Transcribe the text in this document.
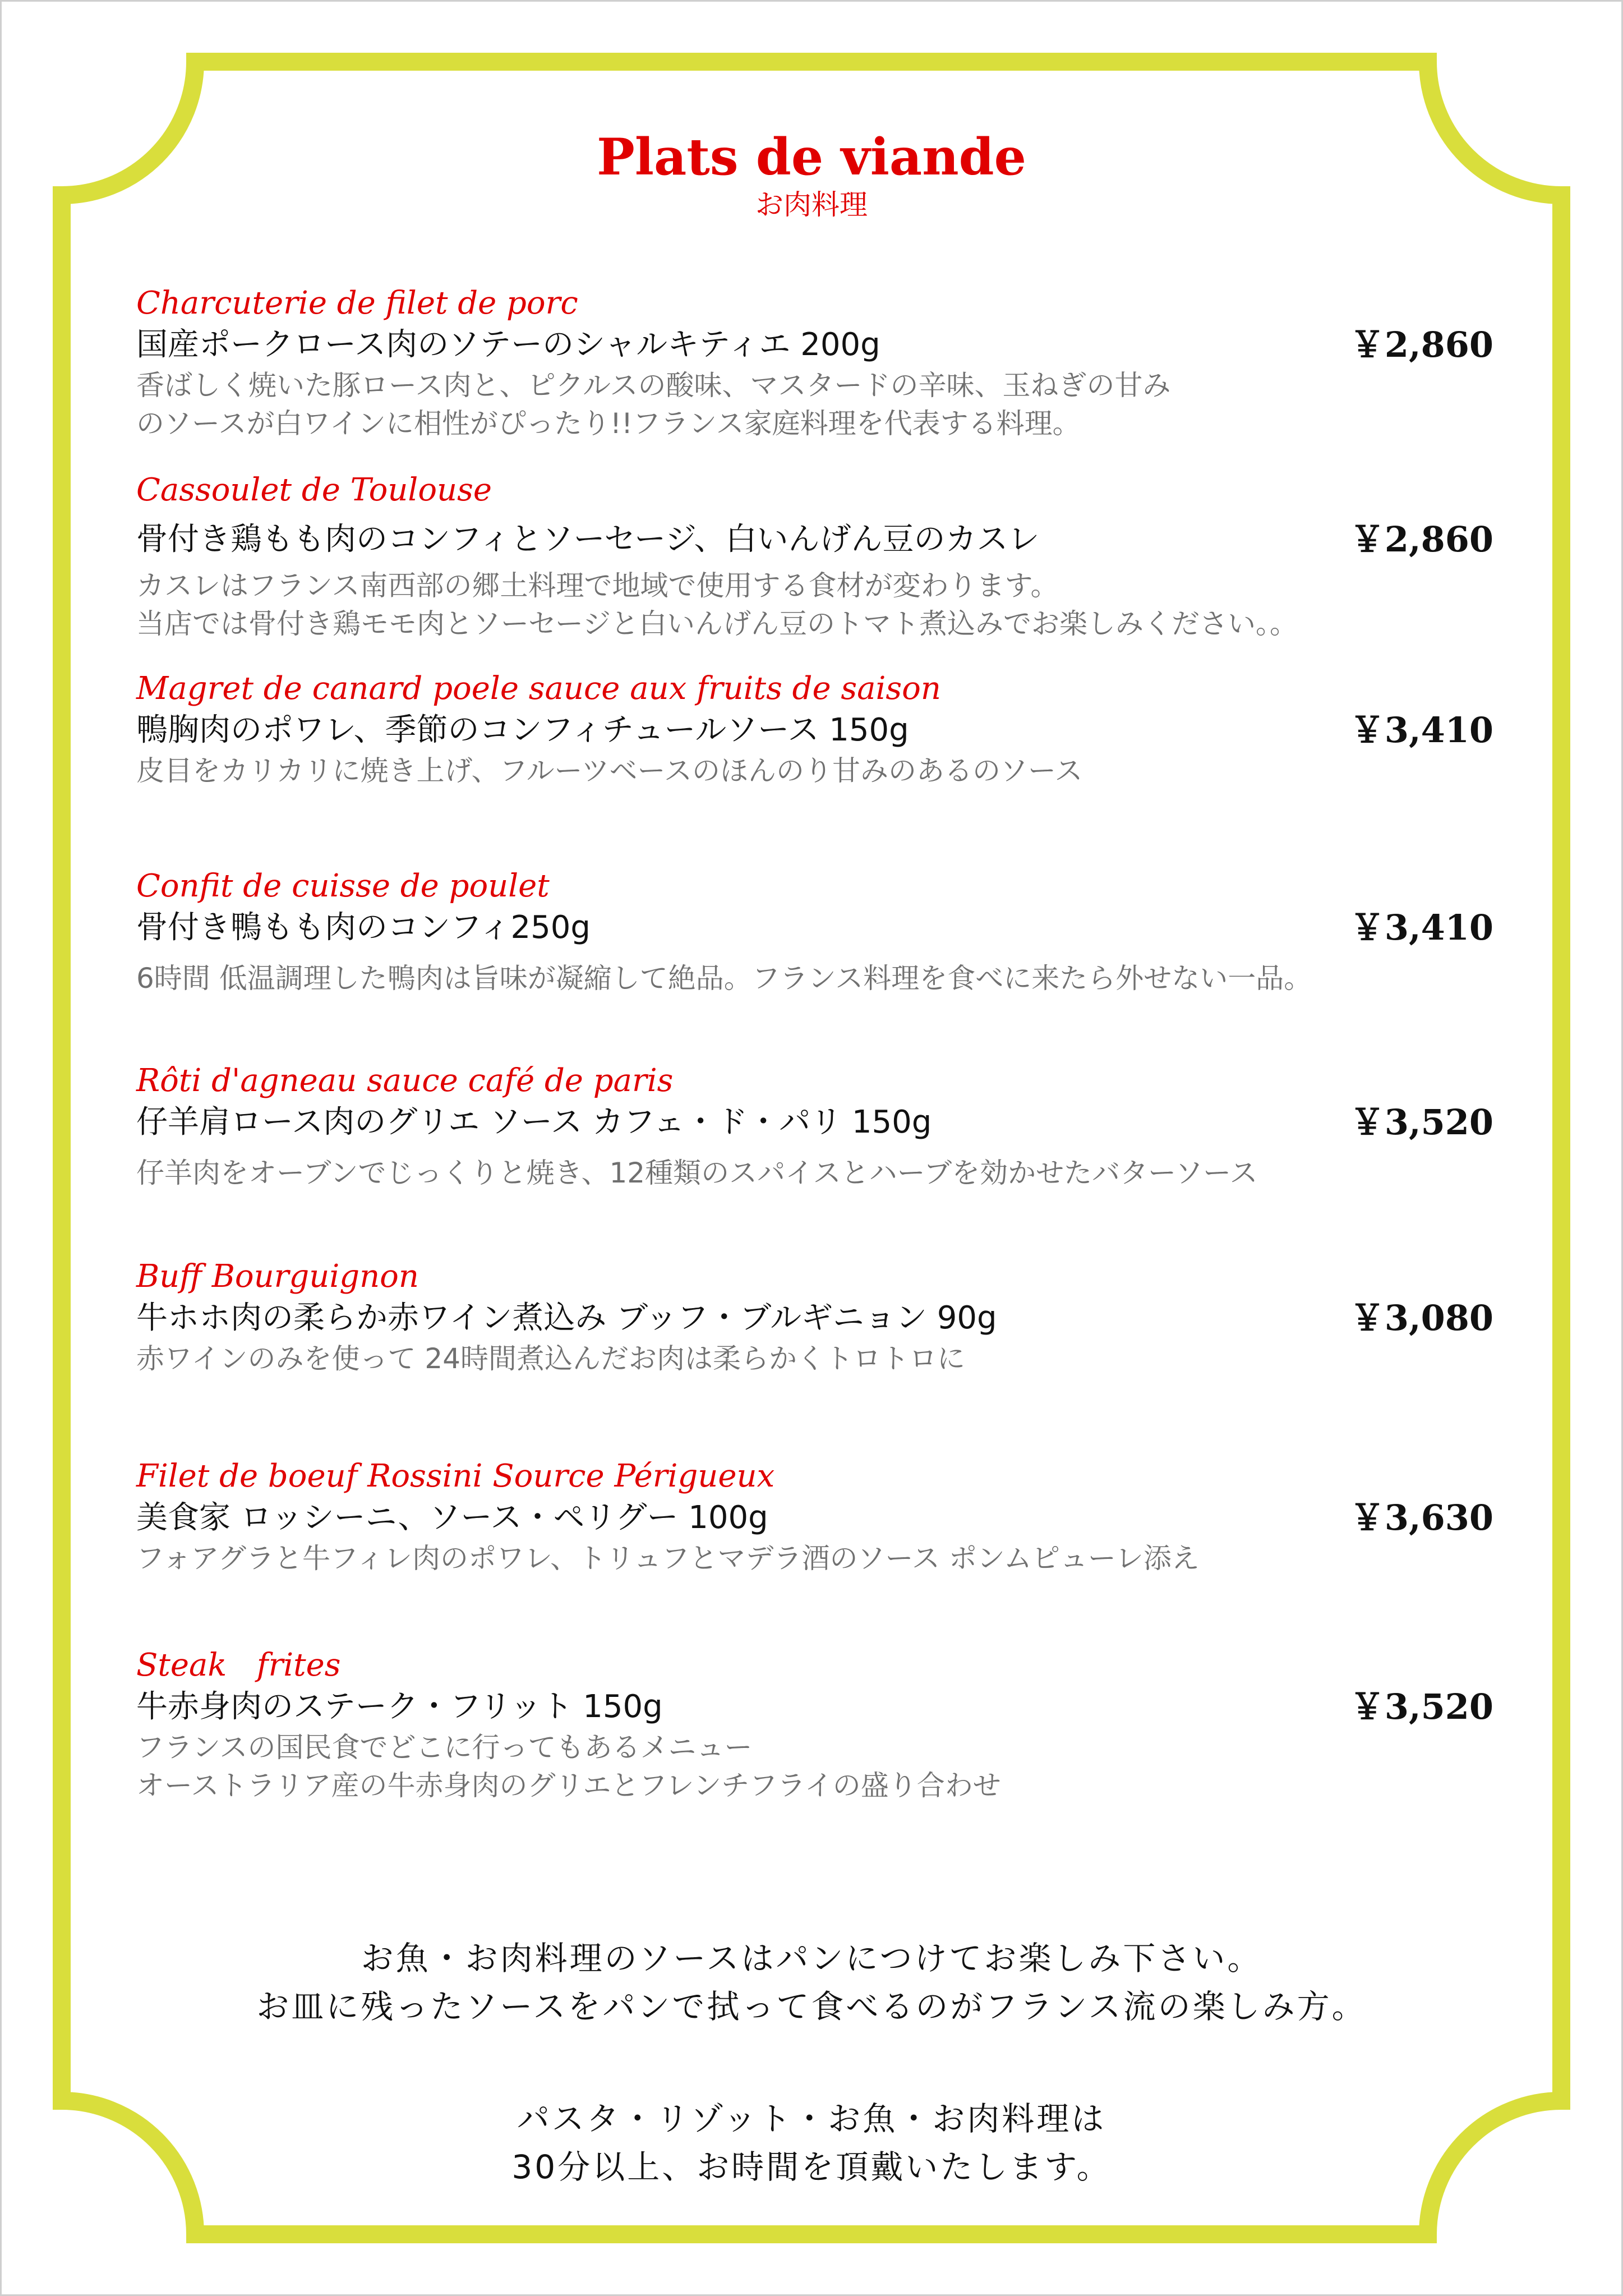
Plats de viande
お肉料理
Charcuterie de filet de porc
国産ポークロース肉のソテーのシャルキティエ 200g	￥2,860
香ばしく焼いた豚ロース肉と、ピクルスの酸味、マスタードの辛味、玉ねぎの甘み
のソースが白ワインに相性がぴったり!!フランス家庭料理を代表する料理。
Cassoulet de Toulouse
骨付き鶏もも肉のコンフィとソーセージ、白いんげん豆のカスレ	￥2,860
カスレはフランス南西部の郷土料理で地域で使用する食材が変わります。
当店では骨付き鶏モモ肉とソーセージと白いんげん豆のトマト煮込みでお楽しみください。。
Magret de canard poele sauce aux fruits de saison
鴨胸肉のポワレ、季節のコンフィチュールソース 150g	￥3,410
皮目をカリカリに焼き上げ、フルーツベースのほんのり甘みのあるのソース
Confit de cuisse de poulet
骨付き鴨もも肉のコンフィ250g	￥3,410
6時間 低温調理した鴨肉は旨味が凝縮して絶品。フランス料理を食べに来たら外せない一品。
Rôti d'agneau sauce café de paris
仔羊肩ロース肉のグリエ ソース カフェ・ド・パリ 150g	￥3,520
仔羊肉をオーブンでじっくりと焼き、12種類のスパイスとハーブを効かせたバターソース
Buff Bourguignon
牛ホホ肉の柔らか赤ワイン煮込み ブッフ・ブルギニョン 90g	￥3,080
赤ワインのみを使って 24時間煮込んだお肉は柔らかくトロトロに
Filet de boeuf Rossini Source Périgueux
美食家 ロッシーニ、ソース・ペリグー 100g	￥3,630
フォアグラと牛フィレ肉のポワレ、トリュフとマデラ酒のソース ポンムピューレ添え
Steak   frites
牛赤身肉のステーク・フリット 150g	￥3,520
フランスの国民食でどこに行ってもあるメニュー
オーストラリア産の牛赤身肉のグリエとフレンチフライの盛り合わせ
お魚・お肉料理のソースはパンにつけてお楽しみ下さい。
お皿に残ったソースをパンで拭って食べるのがフランス流の楽しみ方。
パスタ・リゾット・お魚・お肉料理は
30分以上、お時間を頂戴いたします。
